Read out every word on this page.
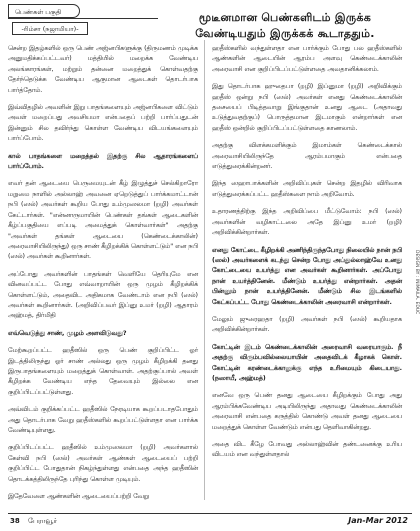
பெண்கள் பகுதி
-ரிம்சா (நஜாமியா)-
மூடீனமான பெண்களிடம் இருக்க
வேண்டியதும் இருக்கக் கூடாததும்.

சென்ற இதழ்களில் ஒரு பெண் அஜ்னபிகளுக்கு (திருமணம் முடிக்க அனுமதிக்கப்பட்டவர்) மத்தியில் மறைக்க வேண்டிய அலங்காரங்கள், மற்றும் தன்னை மறைத்துக் கொள்வதற்கு தேர்ந்தெடுக்க வேண்டிய ஆகுமான ஆடைகள் தொடர்பாக பார்த்தோம்.

இவ்விதழில் அவளின் இறு பாதங்களையும் அஜ்னபிகளை விட்டும் அவள் மறைப்பது அவசியமா என்பதைப் பற்றி பார்ப்பதுடன் இன்னும் சில தவிர்ந்து கொள்ள வேண்டிய விடயங்களையும் பார்ப்போம்.

கால் பாதங்களை மறைத்தல் இதற்கு சில ஆதாரங்களைப் பார்ப்போம்.

எவர் தன் ஆடையை பெருமையுடன் கீழ் இழுத்துச் செல்கிறாரோ மறுமை நாளில் அல்லாஹ் அவனை ஏறெடுத்துப் பார்க்கமாட்டான் நபி (ஸல்) அவர்கள் கூறிய போது உம்முஸலமா (றழி) அவர்கள் கேட்டார்கள். "என்னாருமாயின் பெண்கள் தங்கள் ஆடைகளின் கீழ்ப்பகுதியை எப்படி அமைத்துக் கொள்வார்கள்" அதற்கு "அவர்கள் தங்கள் ஆடையை (கெண்டைக்காலின்) அரைவாசியிலிருந்து) ஒரு சாண் கீழிறக்கிக் கொள்ளட்டும்" என நபி (ஸல்) அவர்கள் கூறினார்கள்.

அப்போது அவர்களின் பாதங்கள் வெளியே தெரியுமே என வினவப்பட்ட போது எவ்வாறாயின் ஒரு முழம் கீழிறக்கிக் கொள்ளட்டும், அதைவிட அதிகமாக வேண்டாம் என நபி (ஸல்) அவர்கள் கூறினார்கள். (அறிவிப்பவர் இப்னு உமர் (றழி) ஆதாரம் அஹ்மத், திர்மிதி

எவ்வெடுத்து சாண், முழம் அளவிடுவது?

மேற்கூறப்பட்ட ஹதீஸில் ஒரு பெண் குறிப்பிட்ட ஓர் இடத்திலிருந்து ஓர் சாண் அல்லது ஒரு முழம் கீழிறக்கி தனது இருபாதங்களையும் மறைத்துக் கொள்வாள். அதற்குப்பால் அவள் கீழிறக்க வேண்டிய எந்த தேவையும் இல்லை என குறிப்பிடப்பட்டுள்ளது.

அவ்விடம் குறிக்கப்பட்ட ஹதீஸில் நேரடியாக கூறப்படாதபோதும் அது தொடர்பாக வேறு ஹதீஸ்களில் கூறப்பட்டுள்ளதா என பார்க்க வேண்டியுள்ளது.

குறிப்பிடப்பட்ட ஹதீஸில் உம்முஸலமா (றழி) அவர்களால் கேள்வி நபி (ஸல்) அவர்கள் ஆண்கள் ஆடையைப் பற்றி குறிப்பிட்ட போதுதான் நிகழ்ந்துள்ளது என்பதை அந்த ஹதீஸின் தொடக்கத்திலிருந்தே புரிந்து கொள்ள முடியும்.

இதேவேளை ஆண்களின் ஆடையைப்பற்றி வேறு

ஹதீஸ்களில் வந்துள்ளதா என பார்க்கும் போது பல ஹதீஸ்களில் ஆண்களின் ஆடையின் ஆரம்ப அளவு கெண்டைக்காலின் அரைவாசி என குறிப்பிடப்பட்டுள்ளதை அவதானிக்கலாம்.

இது தொடர்பாக ஹுதைபா (றழி) இப்னுமா (றழி) அறிவிக்கும் ஹதீஸ் ஒன்று நபி (ஸல்) அவர்கள் எனது கெண்டைக்காலின் தசையைப் பிடித்தவாறு இங்குதான் உனது ஆடை (அதாவது உடுத்துவதற்குப்) பொருத்தமான இடமாகும் என்றார்கள் என ஹதீஸ் ஒன்றில் குறிப்பிடப்பட்டுள்ளதை காணலாம்.

அதற்கு விளக்கமளிக்கும் இமாம்கள் கெண்டைக்கால் அரைவாசியிலிருந்தே ஆரம்பமாகும் என்பதை எடுத்துரைக்கின்றனர்.

இந்த ஸஹாபாக்களின் அறிவிப்புகள் சென்ற இதழில் விரிவாக எடுத்துரைக்கப்பட்ட ஹதீஸ்களை நாம் அறிவோம்.

உதாரணத்திற்கு இந்த அறிவிப்பை மீட்டுவோம்: நபி (ஸல்) அவர்களின் வழிகாட்டலை அதே இப்னு உமர் (றழி) அறிவிக்கின்றார்கள்.

எனது கோட்டை கீழிறக்கி அணிந்திருந்தபோது நிலையில் நான் நபி (ஸல்) அவர்களைக் கடந்து சென்ற போது அப்துல்லாஹ்வே உனது கோட்டையை உயர்த்து என அவர்கள் கூறினார்கள். அப்போது நான் உயர்த்தினேன். மீண்டும் உயர்த்து என்றார்கள். அதன் பின்னும் நான் உயர்த்தினேன். மீண்டும் சில இடங்களில் கேட்கப்பட்ட போது கெண்டைக்காலின் அரைவாசி என்றார்கள்.

மேலும் ஜுரைஹதா (றழி) அவர்கள் நபி (ஸல்) கூறியதாக அறிவிக்கின்றார்கள்.

கோட்டின் இடம் கெண்டைக்காலின் அரைவாசி வரையாகும். நீ அதற்கு விரும்பவில்லையாயின் அதைவிடக் கீழாகக் கொள். கோட்டின் கரண்டைக்காலுக்கு எந்த உரிமையும் கிடையாது. (நஸாயீ, அஹ்மத்)

எனவே ஒரு பெண் தனது ஆடையை கீழிறக்கும் போது அது ஆரம்பிக்கவேண்டிய அடியிலிருந்து அதாவது கெண்டைக்காலின் அரைவாசி என்பதை கருத்தில் கொண்டு அவள் தனது ஆடையை மறைத்துக் கொள்ள வேண்டும் என்பது தெளிவாகின்றது.

அதை விட கீழே போவது அல்லாஹ்வின் தண்டனைக்கு உரிய விடயம் என வந்துள்ளதால்

DESIGN BY : INIMAILA. EDUC
38 பேராவூர்	Jan-Mar 2012
